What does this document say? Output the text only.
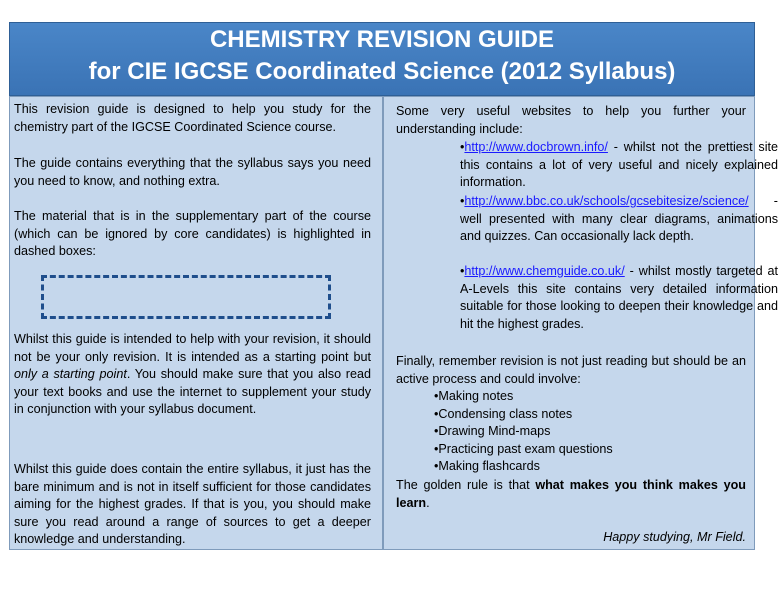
CHEMISTRY REVISION GUIDE
for CIE IGCSE Coordinated Science (2012 Syllabus)
This revision guide is designed to help you study for the chemistry part of the IGCSE Coordinated Science course.
The guide contains everything that the syllabus says you need you need to know, and nothing extra.
The material that is in the supplementary part of the course (which can be ignored by core candidates) is highlighted in dashed boxes:
Whilst this guide is intended to help with your revision, it should not be your only revision. It is intended as a starting point but only a starting point. You should make sure that you also read your text books and use the internet to supplement your study in conjunction with your syllabus document.
Whilst this guide does contain the entire syllabus, it just has the bare minimum and is not in itself sufficient for those candidates aiming for the highest grades. If that is you, you should make sure you read around a range of sources to get a deeper knowledge and understanding.
Some very useful websites to help you further your understanding include:
•http://www.docbrown.info/ - whilst not the prettiest site this contains a lot of very useful and nicely explained information.
•http://www.bbc.co.uk/schools/gcsebitesize/science/ - well presented with many clear diagrams, animations and quizzes. Can occasionally lack depth.
•http://www.chemguide.co.uk/ - whilst mostly targeted at A-Levels this site contains very detailed information suitable for those looking to deepen their knowledge and hit the highest grades.
Finally, remember revision is not just reading but should be an active process and could involve:
•Making notes
•Condensing class notes
•Drawing Mind-maps
•Practicing past exam questions
•Making flashcards
The golden rule is that what makes you think makes you learn.
Happy studying, Mr Field.
